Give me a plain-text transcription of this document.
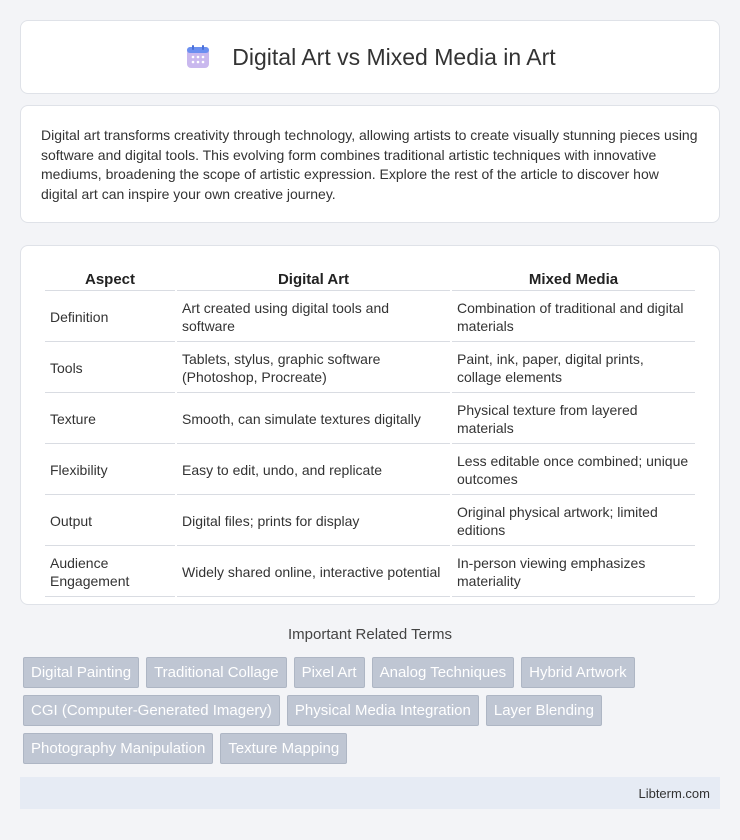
Digital Art vs Mixed Media in Art

Digital art transforms creativity through technology, allowing artists to create visually stunning pieces using software and digital tools. This evolving form combines traditional artistic techniques with innovative mediums, broadening the scope of artistic expression. Explore the rest of the article to discover how digital art can inspire your own creative journey.

Aspect	Digital Art	Mixed Media
Definition	Art created using digital tools and software	Combination of traditional and digital materials
Tools	Tablets, stylus, graphic software (Photoshop, Procreate)	Paint, ink, paper, digital prints, collage elements
Texture	Smooth, can simulate textures digitally	Physical texture from layered materials
Flexibility	Easy to edit, undo, and replicate	Less editable once combined; unique outcomes
Output	Digital files; prints for display	Original physical artwork; limited editions
Audience Engagement	Widely shared online, interactive potential	In-person viewing emphasizes materiality
Important Related Terms
Digital Painting	Traditional Collage	Pixel Art	Analog Techniques	Hybrid Artwork
CGI (Computer-Generated Imagery)	Physical Media Integration	Layer Blending
Photography Manipulation	Texture Mapping
Libterm.com
